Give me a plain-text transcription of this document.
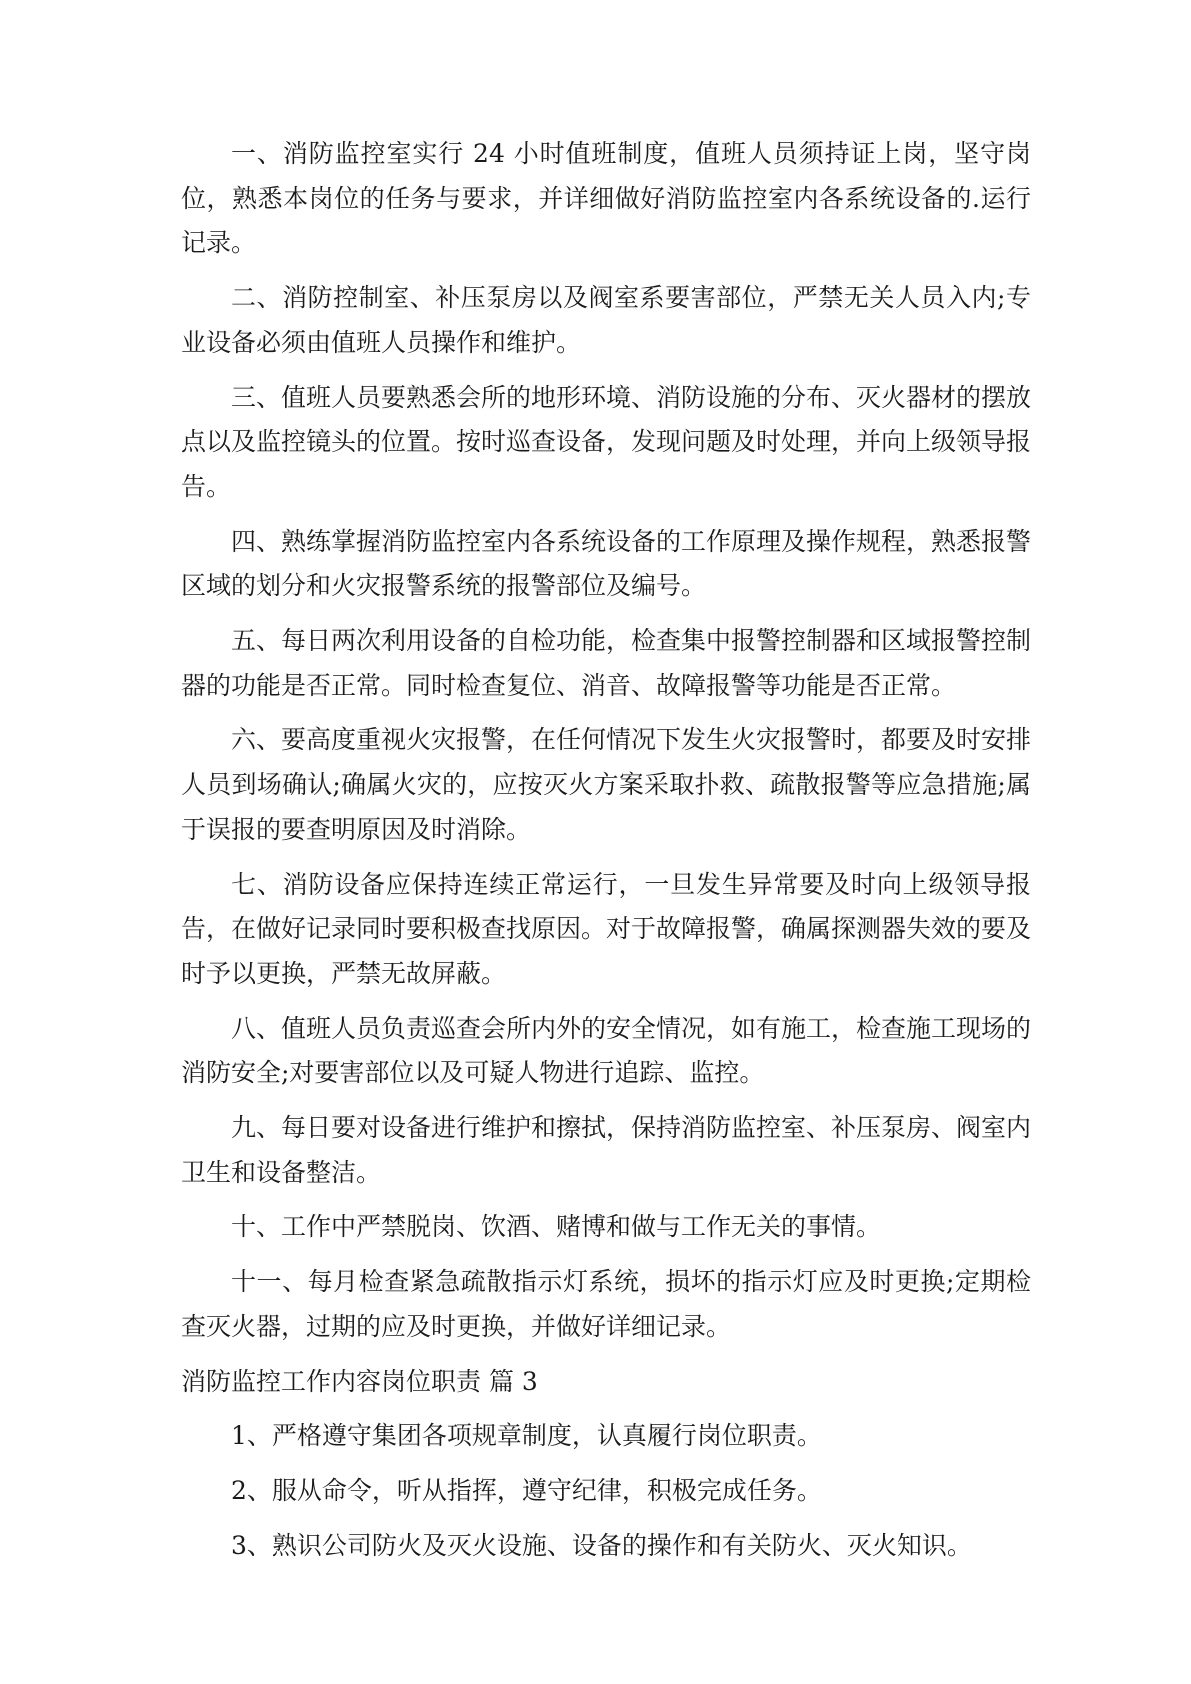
一、消防监控室实行 24 小时值班制度，值班人员须持证上岗，坚守岗位，熟悉本岗位的任务与要求，并详细做好消防监控室内各系统设备的.运行记录。

二、消防控制室、补压泵房以及阀室系要害部位，严禁无关人员入内;专业设备必须由值班人员操作和维护。

三、值班人员要熟悉会所的地形环境、消防设施的分布、灭火器材的摆放点以及监控镜头的位置。按时巡查设备，发现问题及时处理，并向上级领导报告。

四、熟练掌握消防监控室内各系统设备的工作原理及操作规程，熟悉报警区域的划分和火灾报警系统的报警部位及编号。

五、每日两次利用设备的自检功能，检查集中报警控制器和区域报警控制器的功能是否正常。同时检查复位、消音、故障报警等功能是否正常。

六、要高度重视火灾报警，在任何情况下发生火灾报警时，都要及时安排人员到场确认;确属火灾的，应按灭火方案采取扑救、疏散报警等应急措施;属于误报的要查明原因及时消除。

七、消防设备应保持连续正常运行，一旦发生异常要及时向上级领导报告，在做好记录同时要积极查找原因。对于故障报警，确属探测器失效的要及时予以更换，严禁无故屏蔽。

八、值班人员负责巡查会所内外的安全情况，如有施工，检查施工现场的消防安全;对要害部位以及可疑人物进行追踪、监控。

九、每日要对设备进行维护和擦拭，保持消防监控室、补压泵房、阀室内卫生和设备整洁。

十、工作中严禁脱岗、饮酒、赌博和做与工作无关的事情。

十一、每月检查紧急疏散指示灯系统，损坏的指示灯应及时更换;定期检查灭火器，过期的应及时更换，并做好详细记录。

消防监控工作内容岗位职责 篇 3

1、严格遵守集团各项规章制度，认真履行岗位职责。

2、服从命令，听从指挥，遵守纪律，积极完成任务。

3、熟识公司防火及灭火设施、设备的操作和有关防火、灭火知识。
